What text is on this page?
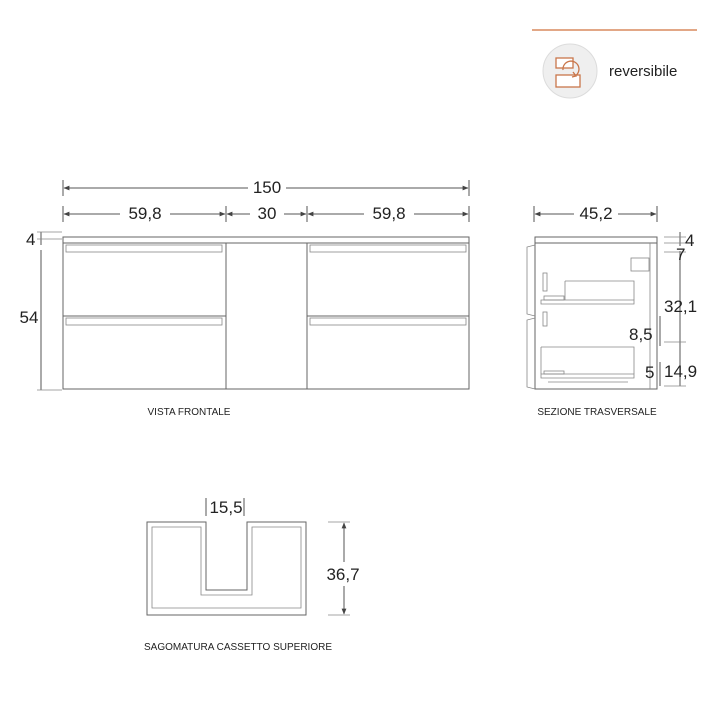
reversibile
150
59,8	30	59,8
4
54
VISTA FRONTALE
45,2
4
7
32,1
8,5
14,9
5
SEZIONE TRASVERSALE
15,5
36,7
SAGOMATURA CASSETTO SUPERIORE
